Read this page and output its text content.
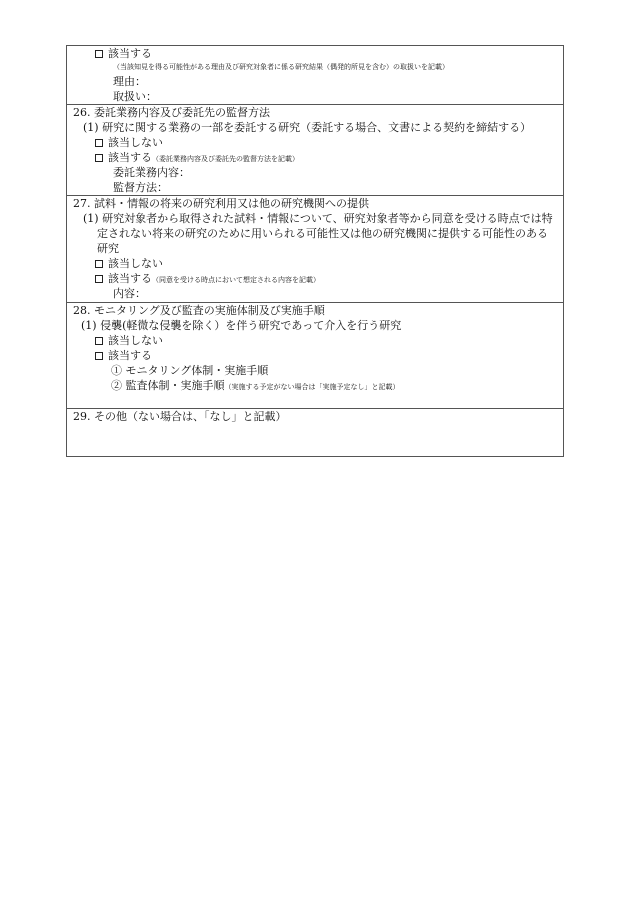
該当する
（当該知見を得る可能性がある理由及び研究対象者に係る研究結果（偶発的所見を含む）の取扱いを記載）
理由：
取扱い：
26. 委託業務内容及び委託先の監督方法
(1) 研究に関する業務の一部を委託する研究（委託する場合、文書による契約を締結する）
該当しない
該当する（委託業務内容及び委託先の監督方法を記載）
委託業務内容：
監督方法：
27. 試料・情報の将来の研究利用又は他の研究機関への提供
(1) 研究対象者から取得された試料・情報について、研究対象者等から同意を受ける時点では特定されない将来の研究のために用いられる可能性又は他の研究機関に提供する可能性のある研究
該当しない
該当する（同意を受ける時点において想定される内容を記載）
内容：
28. モニタリング及び監査の実施体制及び実施手順
(1) 侵襲(軽微な侵襲を除く）を伴う研究であって介入を行う研究
該当しない
該当する
① モニタリング体制・実施手順
② 監査体制・実施手順（実施する予定がない場合は「実施予定なし」と記載）
29. その他（ない場合は、「なし」と記載）
